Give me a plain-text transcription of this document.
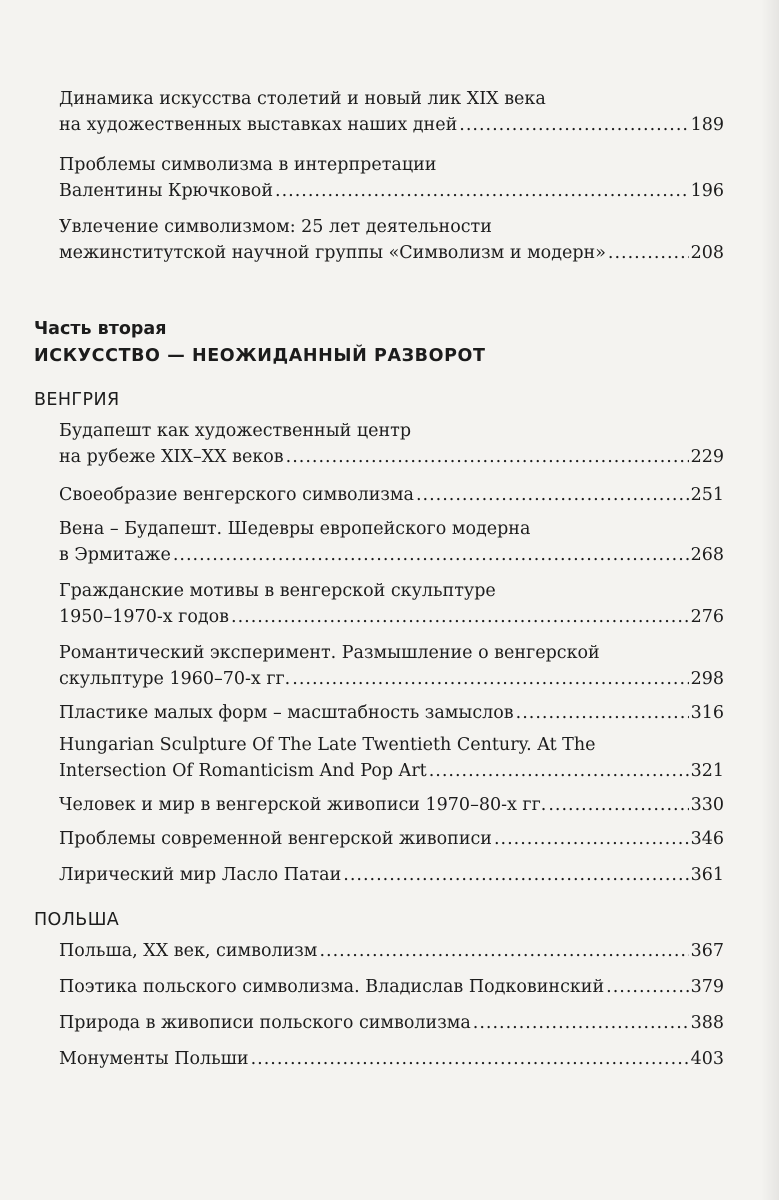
Динамика искусства столетий и новый лик XIX века
на художественных выставках наших дней .....	189
Проблемы символизма в интерпретации
Валентины Крючковой .....	196
Увлечение символизмом: 25 лет деятельности
межинститутской научной группы «Символизм и модерн» .....	208
Часть вторая
ИСКУССТВО — НЕОЖИДАННЫЙ РАЗВОРОТ
ВЕНГРИЯ
Будапешт как художественный центр
на рубеже XIX–XX веков .....	229
Своеобразие венгерского символизма .....	251
Вена – Будапешт. Шедевры европейского модерна
в Эрмитаже .....	268
Гражданские мотивы в венгерской скульптуре
1950–1970-х годов .....	276
Романтический эксперимент. Размышление о венгерской
скульптуре 1960–70-х гг. .....	298
Пластике малых форм – масштабность замыслов .....	316
Hungarian Sculpture Of The Late Twentieth Century. At The
Intersection Of Romanticism And Pop Art .....	321
Человек и мир в венгерской живописи 1970–80-х гг. .....	330
Проблемы современной венгерской живописи .....	346
Лирический мир Ласло Патаи .....	361
ПОЛЬША
Польша, XX век, символизм .....	367
Поэтика польского символизма. Владислав Подковинский .....	379
Природа в живописи польского символизма .....	388
Монументы Польши .....	403
